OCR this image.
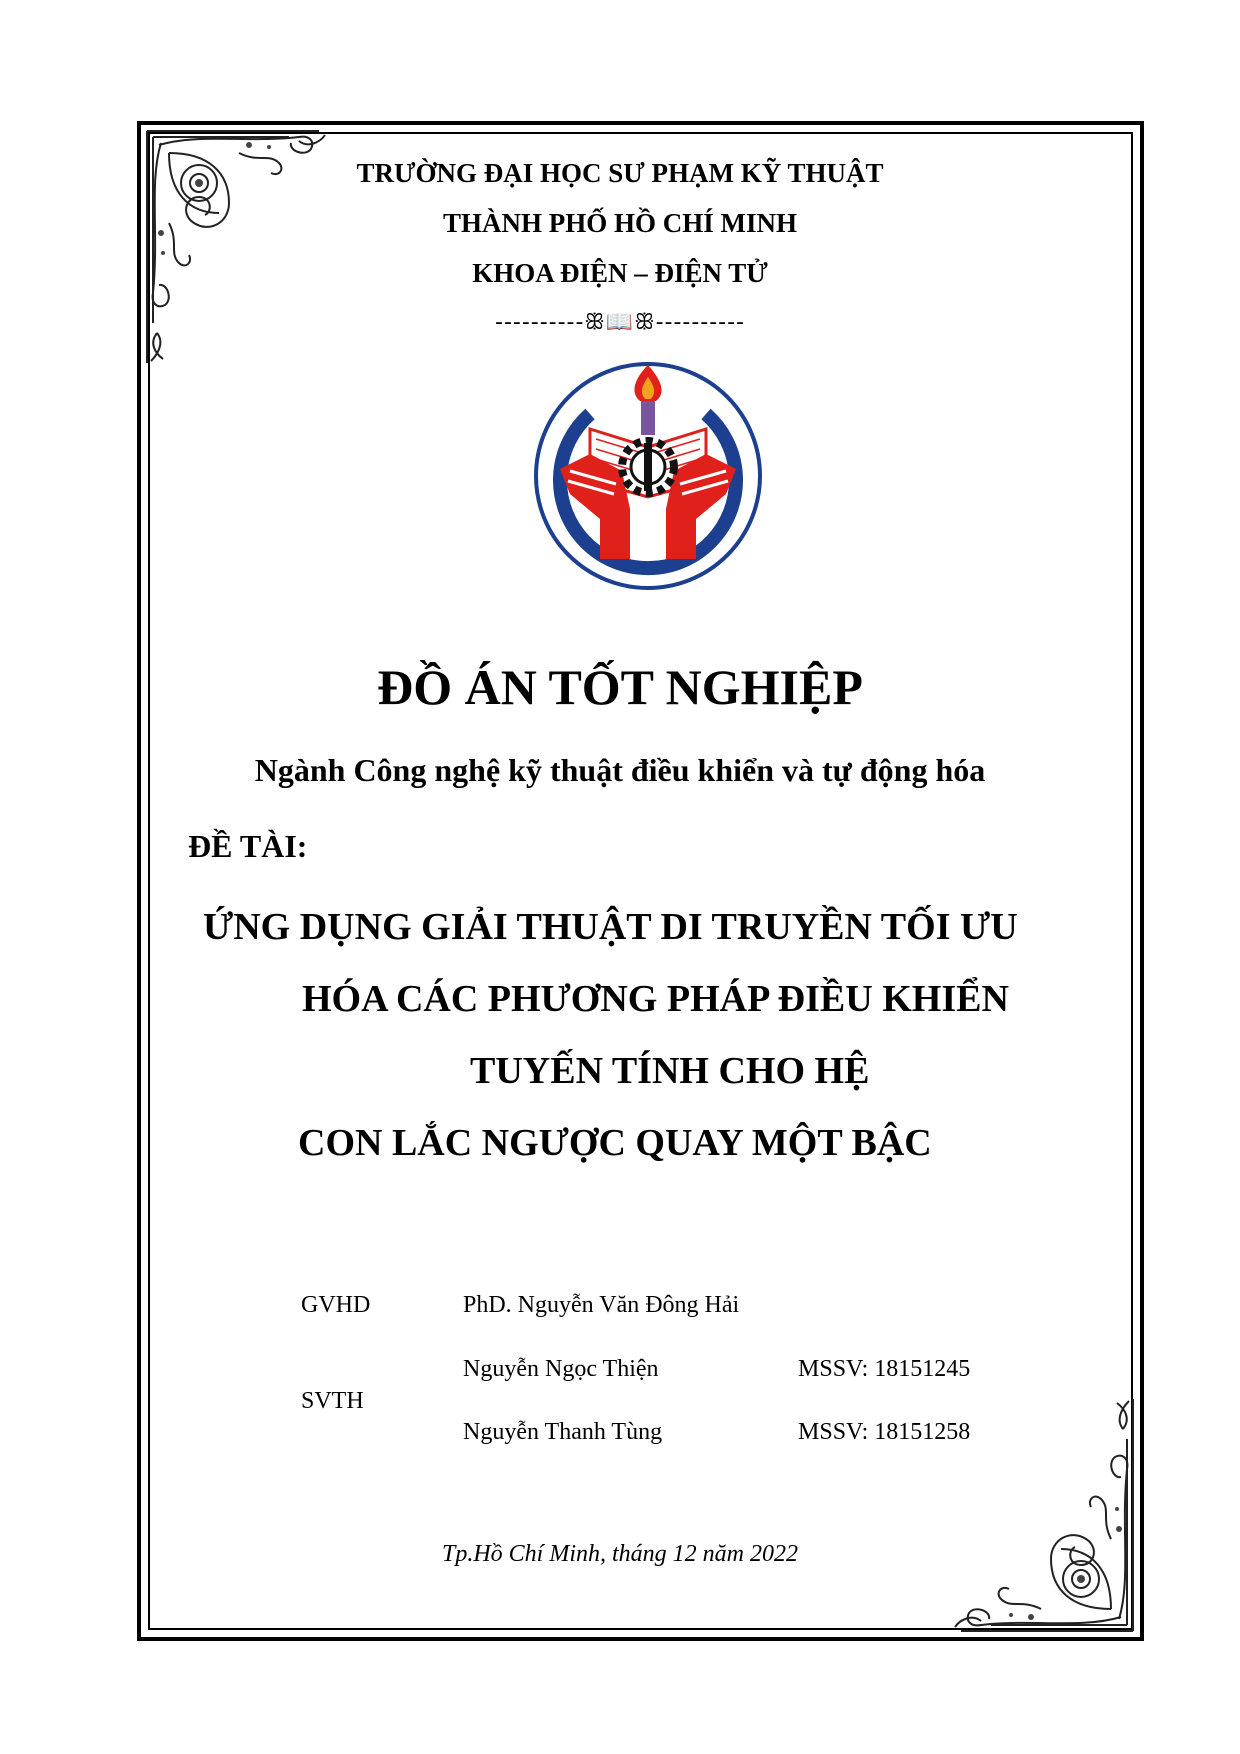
TRƯỜNG ĐẠI HỌC SƯ PHẠM KỸ THUẬT
THÀNH PHỐ HỒ CHÍ MINH
KHOA ĐIỆN – ĐIỆN TỬ
----------ꕥ📖ꕥ----------
ĐỒ ÁN TỐT NGHIỆP
Ngành Công nghệ kỹ thuật điều khiển và tự động hóa
ĐỀ TÀI:
ỨNG DỤNG GIẢI THUẬT DI TRUYỀN TỐI ƯU
HÓA CÁC PHƯƠNG PHÁP ĐIỀU KHIỂN
TUYẾN TÍNH CHO HỆ
CON LẮC NGƯỢC QUAY MỘT BẬC
GVHD	PhD. Nguyễn Văn Đông Hải
SVTH
Nguyễn Ngọc Thiện	MSSV: 18151245
Nguyễn Thanh Tùng	MSSV: 18151258
Tp.Hồ Chí Minh, tháng 12 năm 2022
